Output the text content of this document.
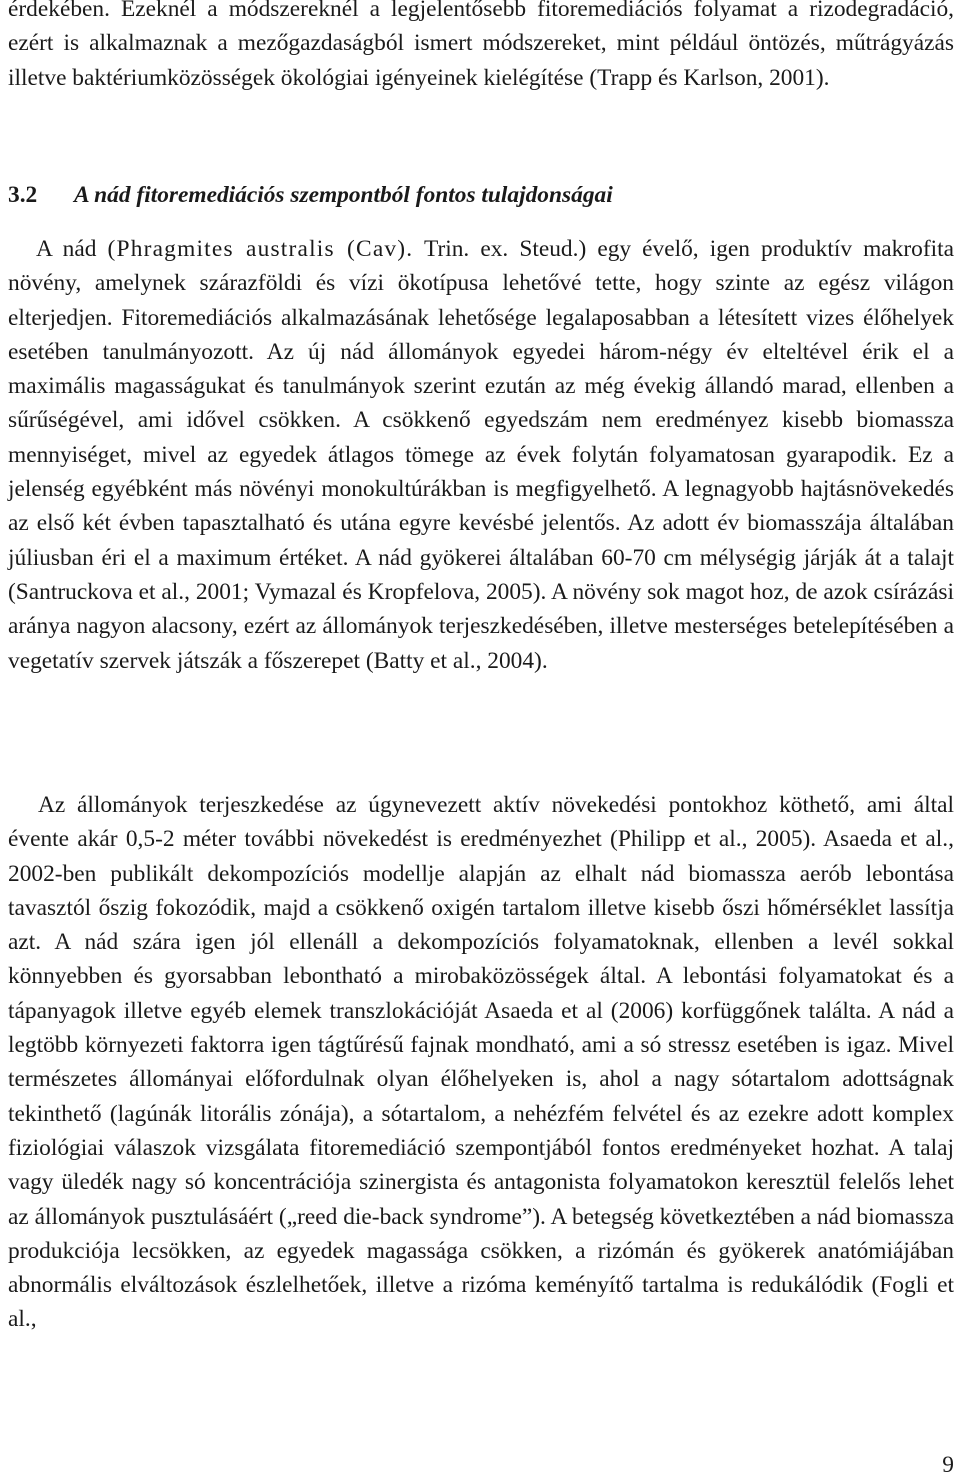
érdekében. Ezeknél a módszereknél a legjelentősebb fitoremediációs folyamat a rizodegradáció, ezért is alkalmaznak a mezőgazdaságból ismert módszereket, mint például öntözés, műtrágyázás illetve baktériumközösségek ökológiai igényeinek kielégítése (Trapp és Karlson, 2001).

3.2 A nád fitoremediációs szempontból fontos tulajdonságai

A nád (Phragmites australis (Cav). Trin. ex. Steud.) egy évelő, igen produktív makrofita növény, amelynek szárazföldi és vízi ökotípusa lehetővé tette, hogy szinte az egész világon elterjedjen. Fitoremediációs alkalmazásának lehetősége legalaposabban a létesített vizes élőhelyek esetében tanulmányozott. Az új nád állományok egyedei három-négy év elteltével érik el a maximális magasságukat és tanulmányok szerint ezután az még évekig állandó marad, ellenben a sűrűségével, ami idővel csökken. A csökkenő egyedszám nem eredményez kisebb biomassza mennyiséget, mivel az egyedek átlagos tömege az évek folytán folyamatosan gyarapodik. Ez a jelenség egyébként más növényi monokultúrákban is megfigyelhető. A legnagyobb hajtásnövekedés az első két évben tapasztalható és utána egyre kevésbé jelentős. Az adott év biomasszája általában júliusban éri el a maximum értéket. A nád gyökerei általában 60-70 cm mélységig járják át a talajt (Santruckova et al., 2001; Vymazal és Kropfelova, 2005). A növény sok magot hoz, de azok csírázási aránya nagyon alacsony, ezért az állományok terjeszkedésében, illetve mesterséges betelepítésében a vegetatív szervek játszák a főszerepet (Batty et al., 2004).

Az állományok terjeszkedése az úgynevezett aktív növekedési pontokhoz köthető, ami által évente akár 0,5-2 méter további növekedést is eredményezhet (Philipp et al., 2005). Asaeda et al., 2002-ben publikált dekompozíciós modellje alapján az elhalt nád biomassza aerób lebontása tavasztól őszig fokozódik, majd a csökkenő oxigén tartalom illetve kisebb őszi hőmérséklet lassítja azt. A nád szára igen jól ellenáll a dekompozíciós folyamatoknak, ellenben a levél sokkal könnyebben és gyorsabban lebontható a mirobaközösségek által. A lebontási folyamatokat és a tápanyagok illetve egyéb elemek transzlokációját Asaeda et al (2006) korfüggőnek találta. A nád a legtöbb környezeti faktorra igen tágtűrésű fajnak mondható, ami a só stressz esetében is igaz. Mivel természetes állományai előfordulnak olyan élőhelyeken is, ahol a nagy sótartalom adottságnak tekinthető (lagúnák litorális zónája), a sótartalom, a nehézfém felvétel és az ezekre adott komplex fiziológiai válaszok vizsgálata fitoremediáció szempontjából fontos eredményeket hozhat. A talaj vagy üledék nagy só koncentrációja szinergista és antagonista folyamatokon keresztül felelős lehet az állományok pusztulásáért („reed die-back syndrome”). A betegség következtében a nád biomassza produkciója lecsökken, az egyedek magassága csökken, a rizómán és gyökerek anatómiájában abnormális elváltozások észlelhetőek, illetve a rizóma keményítő tartalma is redukálódik (Fogli et al.,

9
